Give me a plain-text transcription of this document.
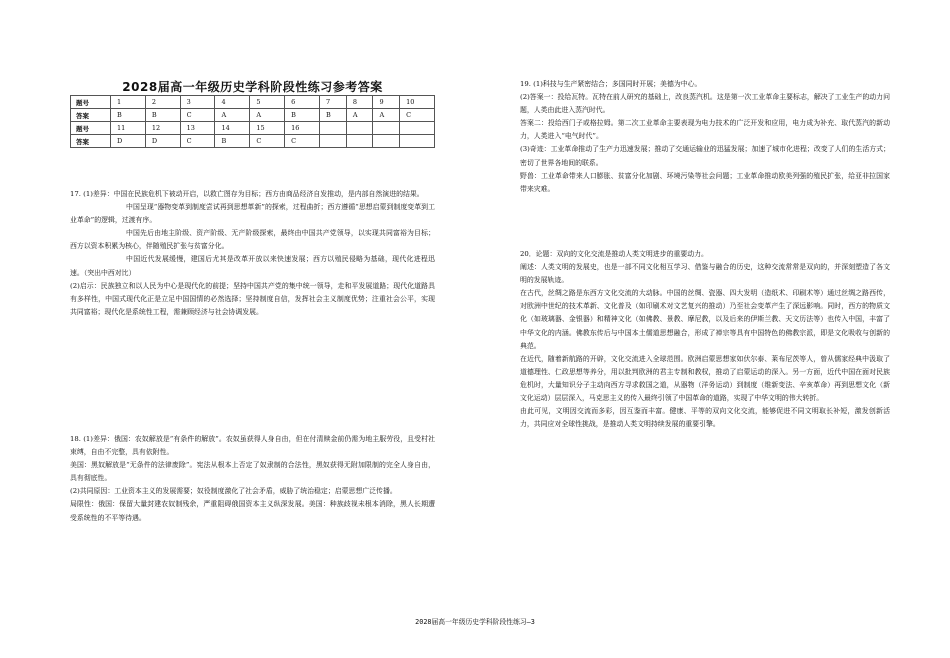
2028届高一年级历史学科阶段性练习参考答案
题号	1	2	3	4	5	6	7	8	9	10
答案	B	B	C	A	A	B	B	A	A	C
题号	11	12	13	14	15	16				
答案	D	D	C	B	C	C				

17. (1)差异：中国在民族危机下被动开启，以救亡图存为目标；西方由商品经济自发推动，是内部自然演进的结果。

中国呈现“器物变革到制度尝试再到思想革新”的探索，过程曲折；西方遵循“思想启蒙到制度变革到工业革命”的逻辑，过渡有序。

中国先后由地主阶级、资产阶级、无产阶级探索，最终由中国共产党领导，以实现共同富裕为目标；西方以资本积累为核心，伴随殖民扩张与贫富分化。

中国近代发展缓慢，建国后尤其是改革开放以来快速发展；西方以殖民侵略为基础，现代化进程迅速。（突出中西对比）

(2)启示：民族独立和以人民为中心是现代化的前提；坚持中国共产党的集中统一领导，走和平发展道路；现代化道路具有多样性，中国式现代化正是立足中国国情的必然选择；坚持制度自信，发挥社会主义制度优势；注重社会公平，实现共同富裕；现代化是系统性工程，需兼顾经济与社会协调发展。

18. (1)差异：俄国：农奴解放是“有条件的解放”。农奴虽获得人身自由，但在付清赎金前仍需为地主服劳役，且受村社束缚，自由不完整，具有依附性。

美国：黑奴解放是“无条件的法律废除”。宪法从根本上否定了奴隶制的合法性，黑奴获得无附加限制的完全人身自由，具有彻底性。

(2)共同原因：工业资本主义的发展需要；奴役制度激化了社会矛盾，威胁了统治稳定；启蒙思想广泛传播。

局限性：俄国：保留大量封建农奴制残余，严重阻碍俄国资本主义纵深发展。美国：种族歧视未根本消除，黑人长期遭受系统性的不平等待遇。

19. (1)科技与生产紧密结合；多国同时开展；美德为中心。

(2)答案一：投给瓦特。瓦特在前人研究的基础上，改良蒸汽机。这是第一次工业革命主要标志，解决了工业生产的动力问题，人类由此进入蒸汽时代。

答案二：投给西门子或格拉姆。第二次工业革命主要表现为电力技术的广泛开发和应用，电力成为补充、取代蒸汽的新动力，人类进入“电气时代”。

(3)奇迹：工业革命推动了生产力迅速发展；推动了交通运输业的迅猛发展；加速了城市化进程；改变了人们的生活方式；密切了世界各地间的联系。

野兽：工业革命带来人口膨胀、贫富分化加剧、环境污染等社会问题；工业革命推动欧美列强的殖民扩张，给亚非拉国家带来灾难。

20．论题：双向的文化交流是推动人类文明进步的重要动力。

阐述：人类文明的发展史，也是一部不同文化相互学习、借鉴与融合的历史，这种交流常常是双向的，并深刻塑造了各文明的发展轨迹。

在古代，丝绸之路是东西方文化交流的大动脉。中国的丝绸、瓷器、四大发明（造纸术、印刷术等）通过丝绸之路西传，对欧洲中世纪的技术革新、文化普及（如印刷术对文艺复兴的推动）乃至社会变革产生了深远影响。同时，西方的物质文化（如玻璃器、金银器）和精神文化（如佛教、景教、摩尼教，以及后来的伊斯兰教、天文历法等）也传入中国，丰富了中华文化的内涵。佛教东传后与中国本土儒道思想融合，形成了禅宗等具有中国特色的佛教宗派，即是文化吸收与创新的典范。

在近代，随着新航路的开辟，文化交流进入全球范围。欧洲启蒙思想家如伏尔泰、莱布尼茨等人，曾从儒家经典中汲取了道德理性、仁政思想等养分，用以批判欧洲的君主专制和教权，推动了启蒙运动的深入。另一方面，近代中国在面对民族危机时，大量知识分子主动向西方寻求救国之道，从器物（洋务运动）到制度（维新变法、辛亥革命）再到思想文化（新文化运动）层层深入，马克思主义的传入最终引领了中国革命的道路，实现了中华文明的伟大转折。

由此可见，文明因交流而多彩，因互鉴而丰富。健康、平等的双向文化交流，能够促进不同文明取长补短，激发创新活力，共同应对全球性挑战，是推动人类文明持续发展的重要引擎。

2028届高一年级历史学科阶段性练习—3
